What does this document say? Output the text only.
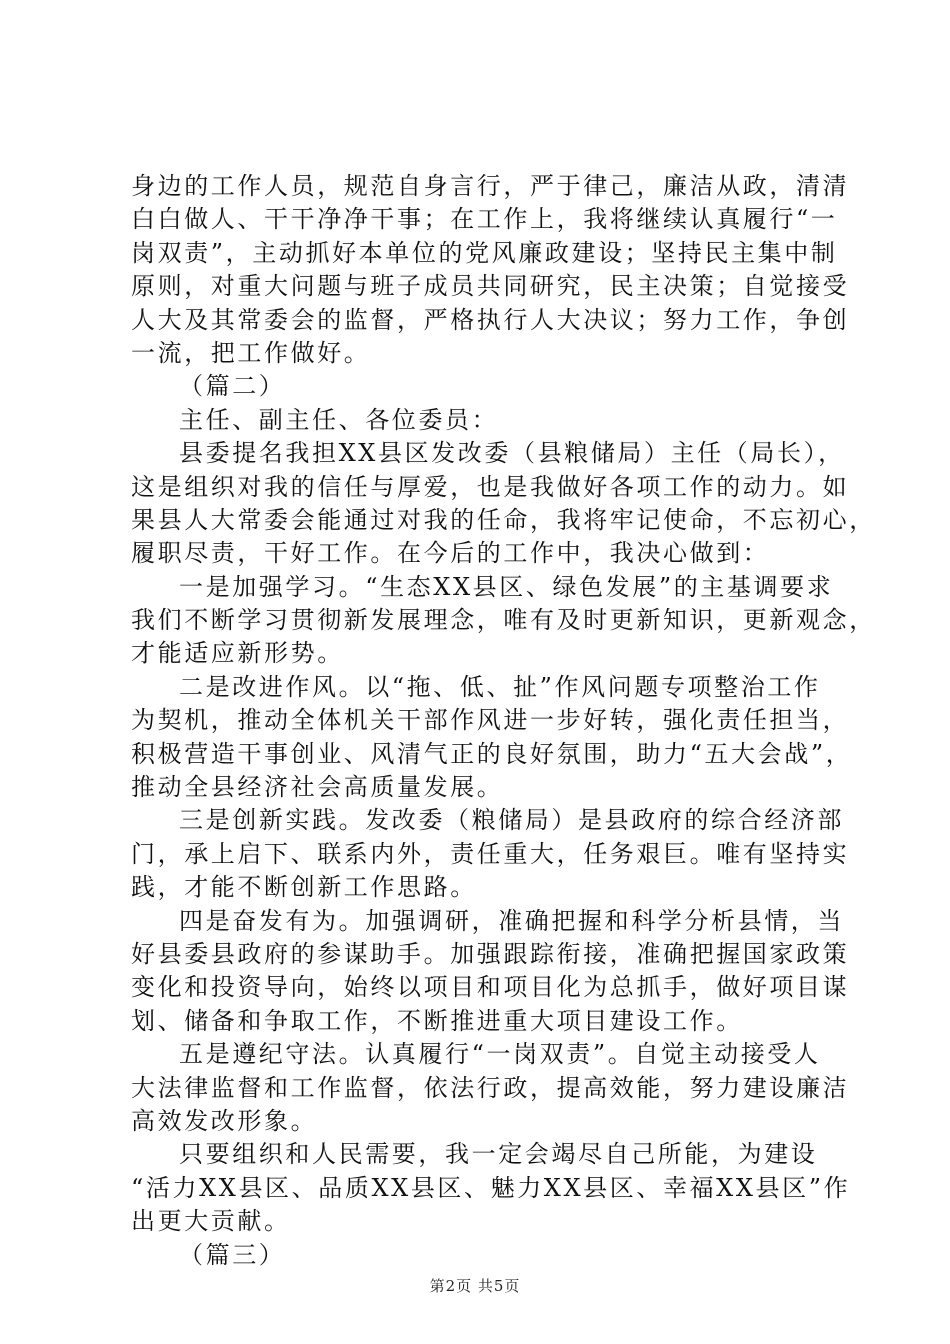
身边的工作人员，规范自身言行，严于律己，廉洁从政，清清
白白做人、干干净净干事；在工作上，我将继续认真履行“一
岗双责”，主动抓好本单位的党风廉政建设；坚持民主集中制
原则，对重大问题与班子成员共同研究，民主决策；自觉接受
人大及其常委会的监督，严格执行人大决议；努力工作，争创
一流，把工作做好。
（篇二）
主任、副主任、各位委员：
县委提名我担XX县区发改委（县粮储局）主任（局长），
这是组织对我的信任与厚爱，也是我做好各项工作的动力。如
果县人大常委会能通过对我的任命，我将牢记使命，不忘初心，
履职尽责，干好工作。在今后的工作中，我决心做到：
一是加强学习。“生态XX县区、绿色发展”的主基调要求
我们不断学习贯彻新发展理念，唯有及时更新知识，更新观念，
才能适应新形势。
二是改进作风。以“拖、低、扯”作风问题专项整治工作
为契机，推动全体机关干部作风进一步好转，强化责任担当，
积极营造干事创业、风清气正的良好氛围，助力“五大会战”，
推动全县经济社会高质量发展。
三是创新实践。发改委（粮储局）是县政府的综合经济部
门，承上启下、联系内外，责任重大，任务艰巨。唯有坚持实
践，才能不断创新工作思路。
四是奋发有为。加强调研，准确把握和科学分析县情，当
好县委县政府的参谋助手。加强跟踪衔接，准确把握国家政策
变化和投资导向，始终以项目和项目化为总抓手，做好项目谋
划、储备和争取工作，不断推进重大项目建设工作。
五是遵纪守法。认真履行“一岗双责”。自觉主动接受人
大法律监督和工作监督，依法行政，提高效能，努力建设廉洁
高效发改形象。
只要组织和人民需要，我一定会竭尽自己所能，为建设
“活力XX县区、品质XX县区、魅力XX县区、幸福XX县区”作
出更大贡献。
（篇三）
第2页 共5页
